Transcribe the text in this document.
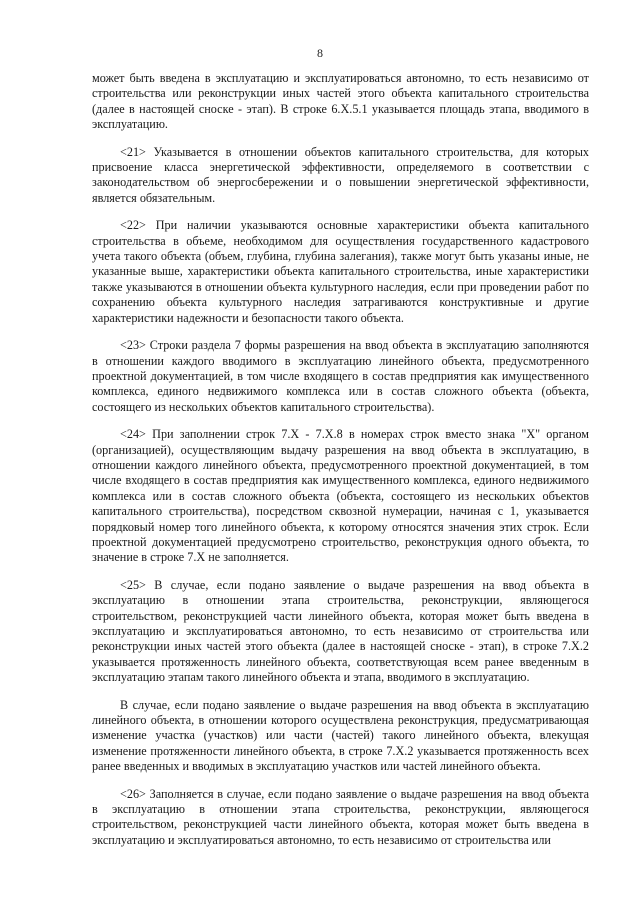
8

может быть введена в эксплуатацию и эксплуатироваться автономно, то есть независимо от строительства или реконструкции иных частей этого объекта капитального строительства (далее в настоящей сноске - этап). В строке 6.X.5.1 указывается площадь этапа, вводимого в эксплуатацию.

<21> Указывается в отношении объектов капитального строительства, для которых присвоение класса энергетической эффективности, определяемого в соответствии с законодательством об энергосбережении и о повышении энергетической эффективности, является обязательным.

<22> При наличии указываются основные характеристики объекта капитального строительства в объеме, необходимом для осуществления государственного кадастрового учета такого объекта (объем, глубина, глубина залегания), также могут быть указаны иные, не указанные выше, характеристики объекта капитального строительства, иные характеристики также указываются в отношении объекта культурного наследия, если при проведении работ по сохранению объекта культурного наследия затрагиваются конструктивные и другие характеристики надежности и безопасности такого объекта.

<23> Строки раздела 7 формы разрешения на ввод объекта в эксплуатацию заполняются в отношении каждого вводимого в эксплуатацию линейного объекта, предусмотренного проектной документацией, в том числе входящего в состав предприятия как имущественного комплекса, единого недвижимого комплекса или в состав сложного объекта (объекта, состоящего из нескольких объектов капитального строительства).

<24> При заполнении строк 7.X - 7.X.8 в номерах строк вместо знака "X" органом (организацией), осуществляющим выдачу разрешения на ввод объекта в эксплуатацию, в отношении каждого линейного объекта, предусмотренного проектной документацией, в том числе входящего в состав предприятия как имущественного комплекса, единого недвижимого комплекса или в состав сложного объекта (объекта, состоящего из нескольких объектов капитального строительства), посредством сквозной нумерации, начиная с 1, указывается порядковый номер того линейного объекта, к которому относятся значения этих строк. Если проектной документацией предусмотрено строительство, реконструкция одного объекта, то значение в строке 7.X не заполняется.

<25> В случае, если подано заявление о выдаче разрешения на ввод объекта в эксплуатацию в отношении этапа строительства, реконструкции, являющегося строительством, реконструкцией части линейного объекта, которая может быть введена в эксплуатацию и эксплуатироваться автономно, то есть независимо от строительства или реконструкции иных частей этого объекта (далее в настоящей сноске - этап), в строке 7.X.2 указывается протяженность линейного объекта, соответствующая всем ранее введенным в эксплуатацию этапам такого линейного объекта и этапа, вводимого в эксплуатацию.

В случае, если подано заявление о выдаче разрешения на ввод объекта в эксплуатацию линейного объекта, в отношении которого осуществлена реконструкция, предусматривающая изменение участка (участков) или части (частей) такого линейного объекта, влекущая изменение протяженности линейного объекта, в строке 7.X.2 указывается протяженность всех ранее введенных и вводимых в эксплуатацию участков или частей линейного объекта.

<26> Заполняется в случае, если подано заявление о выдаче разрешения на ввод объекта в эксплуатацию в отношении этапа строительства, реконструкции, являющегося строительством, реконструкцией части линейного объекта, которая может быть введена в эксплуатацию и эксплуатироваться автономно, то есть независимо от строительства или
